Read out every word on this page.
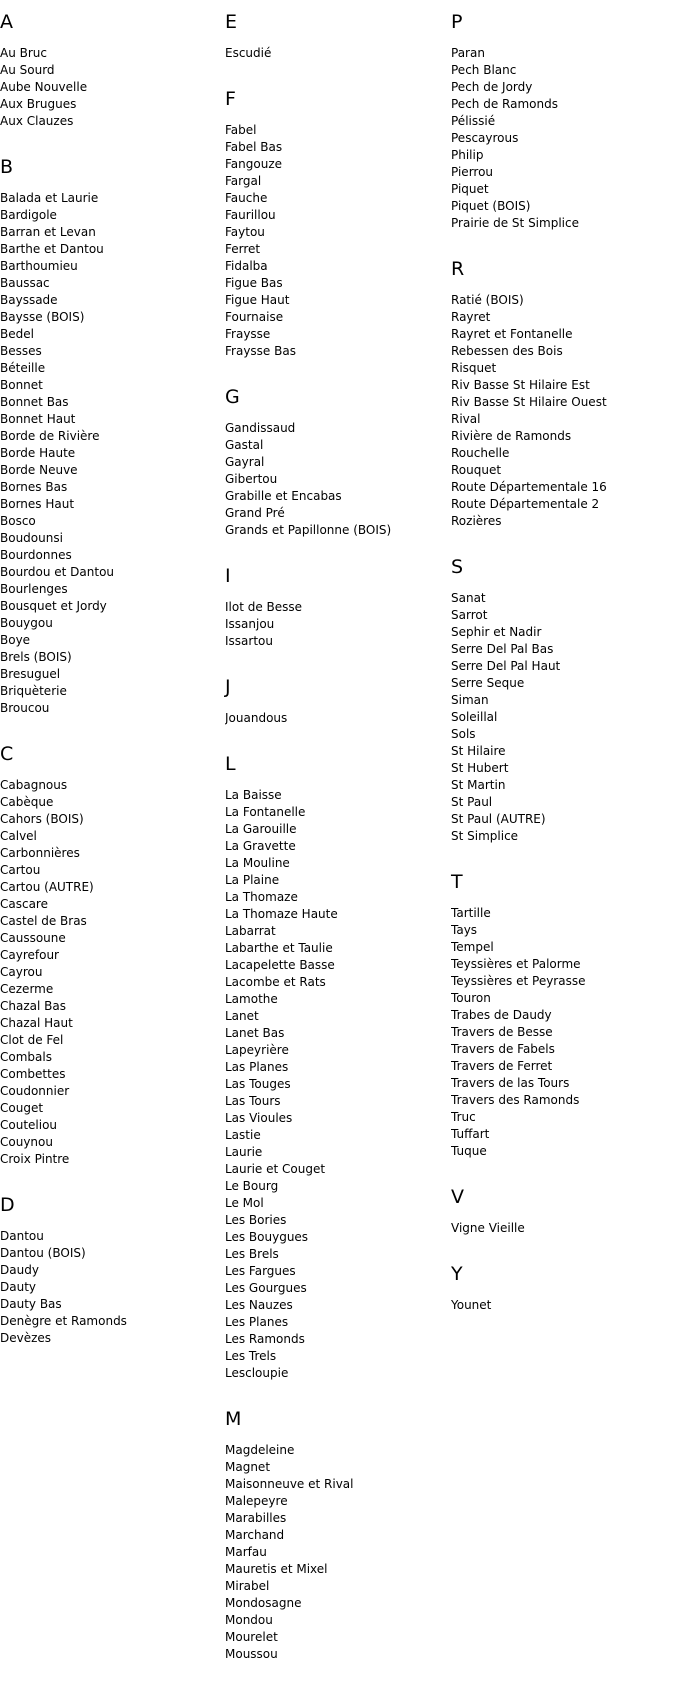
A
Au Bruc
Au Sourd
Aube Nouvelle
Aux Brugues
Aux Clauzes
B
Balada et Laurie
Bardigole
Barran et Levan
Barthe et Dantou
Barthoumieu
Baussac
Bayssade
Baysse (BOIS)
Bedel
Besses
Béteille
Bonnet
Bonnet Bas
Bonnet Haut
Borde de Rivière
Borde Haute
Borde Neuve
Bornes Bas
Bornes Haut
Bosco
Boudounsi
Bourdonnes
Bourdou et Dantou
Bourlenges
Bousquet et Jordy
Bouygou
Boye
Brels (BOIS)
Bresuguel
Briquèterie
Broucou
C
Cabagnous
Cabèque
Cahors (BOIS)
Calvel
Carbonnières
Cartou
Cartou (AUTRE)
Cascare
Castel de Bras
Caussoune
Cayrefour
Cayrou
Cezerme
Chazal Bas
Chazal Haut
Clot de Fel
Combals
Combettes
Coudonnier
Couget
Couteliou
Couynou
Croix Pintre
D
Dantou
Dantou (BOIS)
Daudy
Dauty
Dauty Bas
Denègre et Ramonds
Devèzes
E
Escudié
F
Fabel
Fabel Bas
Fangouze
Fargal
Fauche
Faurillou
Faytou
Ferret
Fidalba
Figue Bas
Figue Haut
Fournaise
Fraysse
Fraysse Bas
G
Gandissaud
Gastal
Gayral
Gibertou
Grabille et Encabas
Grand Pré
Grands et Papillonne (BOIS)
I
Ilot de Besse
Issanjou
Issartou
J
Jouandous
L
La Baisse
La Fontanelle
La Garouille
La Gravette
La Mouline
La Plaine
La Thomaze
La Thomaze Haute
Labarrat
Labarthe et Taulie
Lacapelette Basse
Lacombe et Rats
Lamothe
Lanet
Lanet Bas
Lapeyrière
Las Planes
Las Touges
Las Tours
Las Vioules
Lastie
Laurie
Laurie et Couget
Le Bourg
Le Mol
Les Bories
Les Bouygues
Les Brels
Les Fargues
Les Gourgues
Les Nauzes
Les Planes
Les Ramonds
Les Trels
Lescloupie
M
Magdeleine
Magnet
Maisonneuve et Rival
Malepeyre
Marabilles
Marchand
Marfau
Mauretis et Mixel
Mirabel
Mondosagne
Mondou
Mourelet
Moussou
P
Paran
Pech Blanc
Pech de Jordy
Pech de Ramonds
Pélissié
Pescayrous
Philip
Pierrou
Piquet
Piquet (BOIS)
Prairie de St Simplice
R
Ratié (BOIS)
Rayret
Rayret et Fontanelle
Rebessen des Bois
Risquet
Riv Basse St Hilaire Est
Riv Basse St Hilaire Ouest
Rival
Rivière de Ramonds
Rouchelle
Rouquet
Route Départementale 16
Route Départementale 2
Rozières
S
Sanat
Sarrot
Sephir et Nadir
Serre Del Pal Bas
Serre Del Pal Haut
Serre Seque
Siman
Soleillal
Sols
St Hilaire
St Hubert
St Martin
St Paul
St Paul (AUTRE)
St Simplice
T
Tartille
Tays
Tempel
Teyssières et Palorme
Teyssières et Peyrasse
Touron
Trabes de Daudy
Travers de Besse
Travers de Fabels
Travers de Ferret
Travers de las Tours
Travers des Ramonds
Truc
Tuffart
Tuque
V
Vigne Vieille
Y
Younet
